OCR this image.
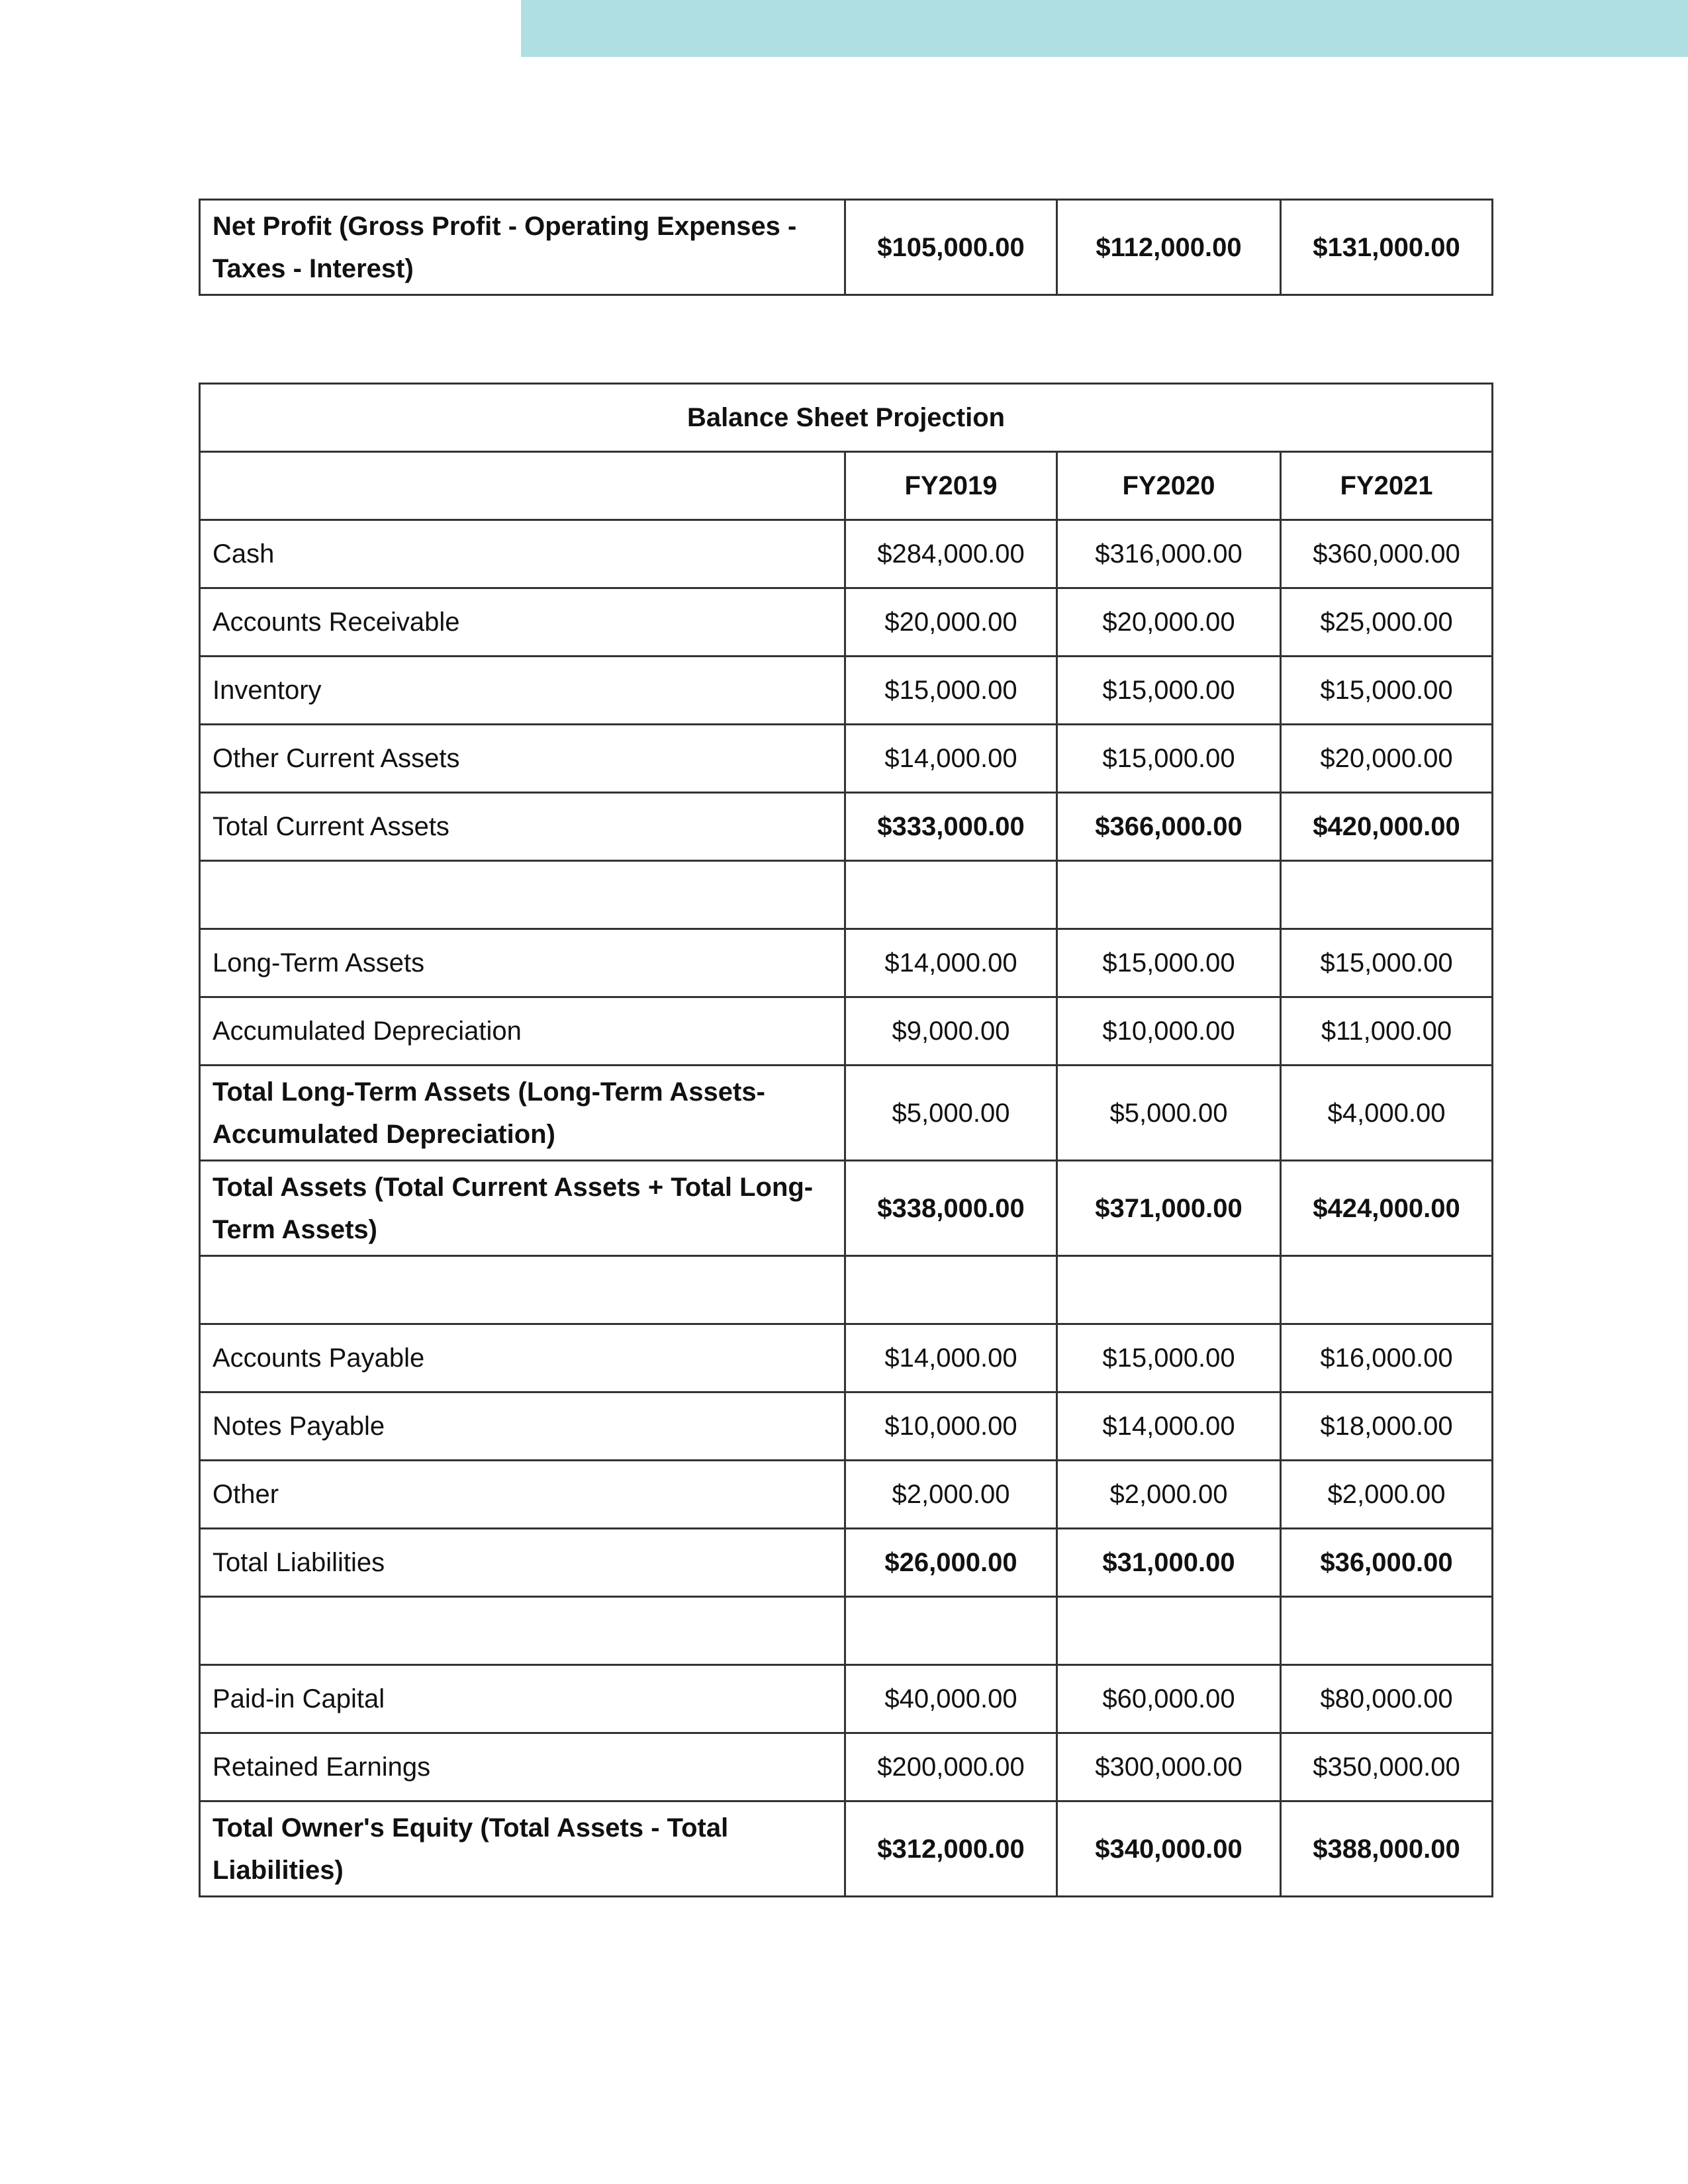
Net Profit (Gross Profit - Operating Expenses - Taxes - Interest)	$105,000.00	$112,000.00	$131,000.00
Balance Sheet Projection			
	FY2019	FY2020	FY2021
Cash	$284,000.00	$316,000.00	$360,000.00
Accounts Receivable	$20,000.00	$20,000.00	$25,000.00
Inventory	$15,000.00	$15,000.00	$15,000.00
Other Current Assets	$14,000.00	$15,000.00	$20,000.00
Total Current Assets	$333,000.00	$366,000.00	$420,000.00

Long-Term Assets	$14,000.00	$15,000.00	$15,000.00
Accumulated Depreciation	$9,000.00	$10,000.00	$11,000.00
Total Long-Term Assets (Long-Term Assets- Accumulated Depreciation)	$5,000.00	$5,000.00	$4,000.00
Total Assets (Total Current Assets + Total Long-Term Assets)	$338,000.00	$371,000.00	$424,000.00

Accounts Payable	$14,000.00	$15,000.00	$16,000.00
Notes Payable	$10,000.00	$14,000.00	$18,000.00
Other	$2,000.00	$2,000.00	$2,000.00
Total Liabilities	$26,000.00	$31,000.00	$36,000.00

Paid-in Capital	$40,000.00	$60,000.00	$80,000.00
Retained Earnings	$200,000.00	$300,000.00	$350,000.00
Total Owner's Equity (Total Assets - Total Liabilities)	$312,000.00	$340,000.00	$388,000.00
